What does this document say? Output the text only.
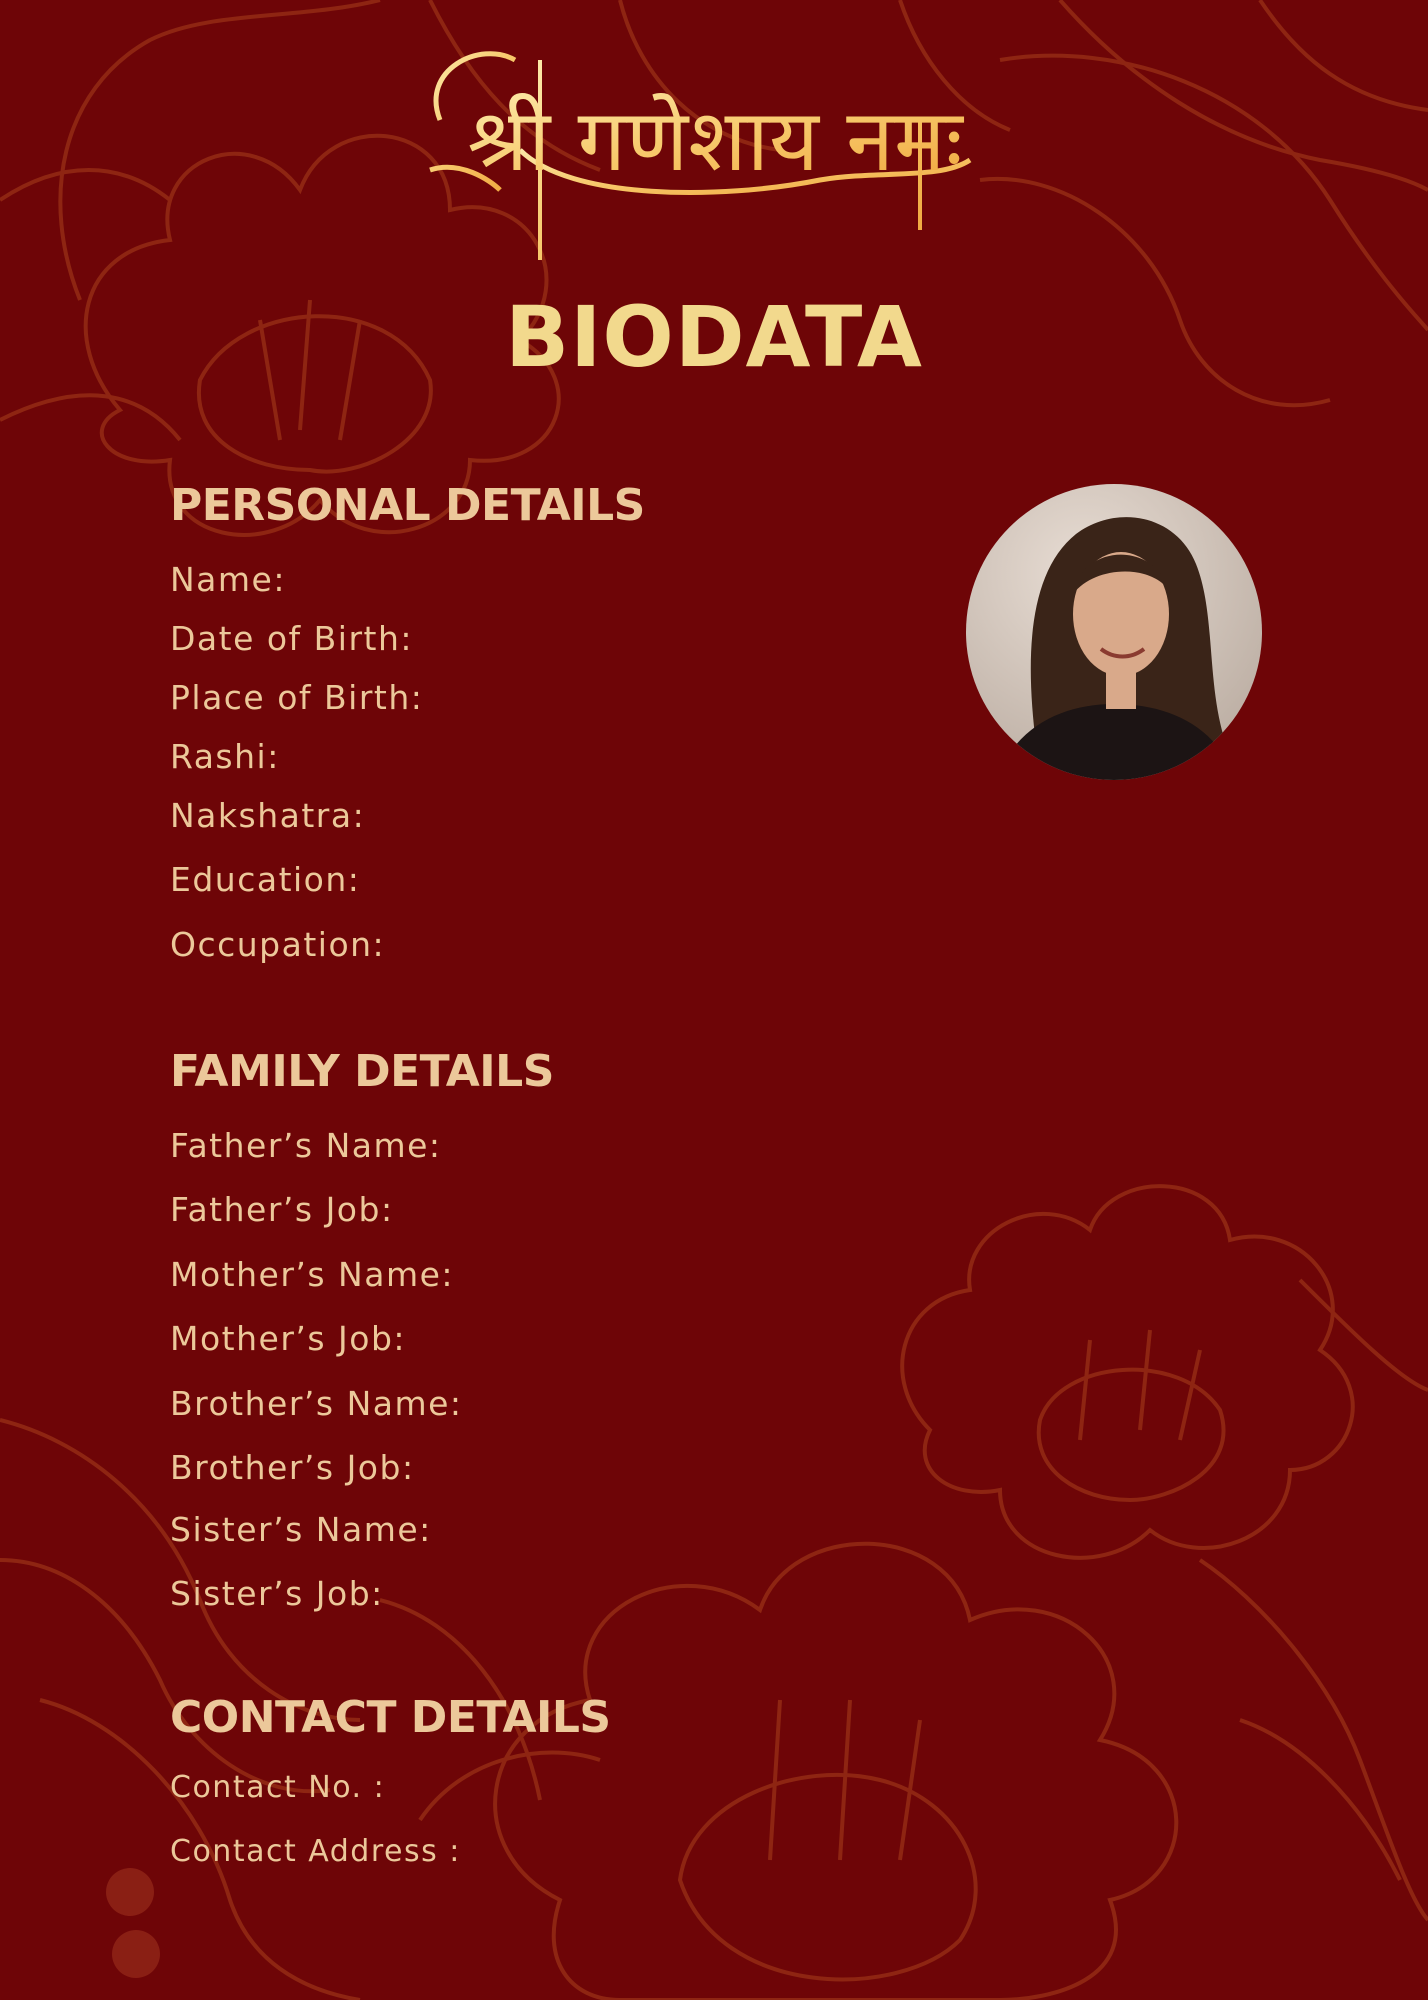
श्री गणेशाय नमः
BIODATA
PERSONAL DETAILS
Name:
Date of Birth:
Place of Birth:
Rashi:
Nakshatra:
Education:
Occupation:
FAMILY DETAILS
Father’s Name:
Father’s Job:
Mother’s Name:
Mother’s Job:
Brother’s Name:
Brother’s Job:
Sister’s Name:
Sister’s Job:
CONTACT DETAILS
Contact No. :
Contact Address :
